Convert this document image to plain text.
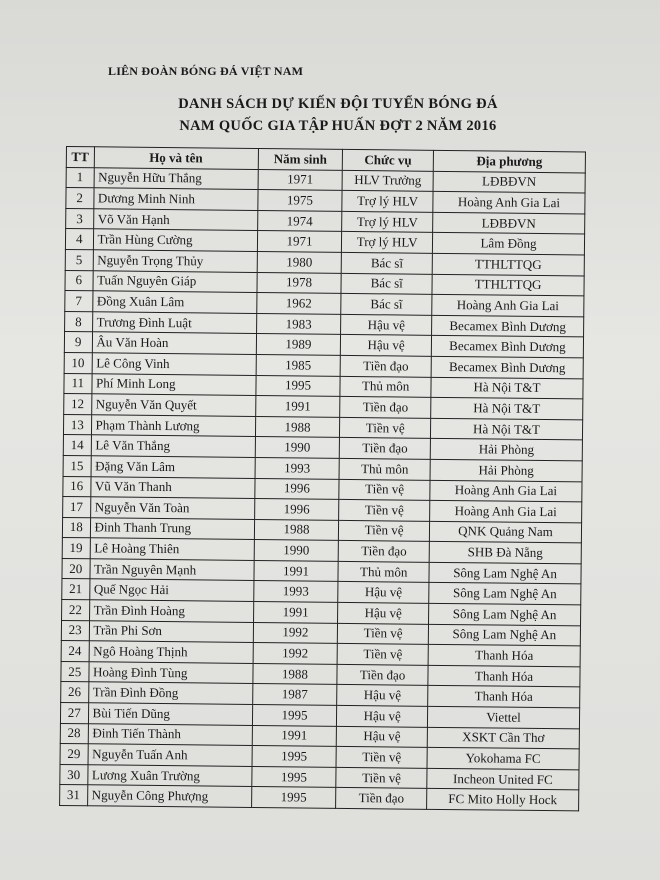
LIÊN ĐOÀN BÓNG ĐÁ VIỆT NAM
DANH SÁCH DỰ KIẾN ĐỘI TUYỂN BÓNG ĐÁ
NAM QUỐC GIA TẬP HUẤN ĐỢT 2 NĂM 2016
TT	Họ và tên	Năm sinh	Chức vụ	Địa phương
1	Nguyễn Hữu Thắng	1971	HLV Trưởng	LĐBĐVN
2	Dương Minh Ninh	1975	Trợ lý HLV	Hoàng Anh Gia Lai
3	Võ Văn Hạnh	1974	Trợ lý HLV	LĐBĐVN
4	Trần Hùng Cường	1971	Trợ lý HLV	Lâm Đồng
5	Nguyễn Trọng Thủy	1980	Bác sĩ	TTHLTTQG
6	Tuấn Nguyên Giáp	1978	Bác sĩ	TTHLTTQG
7	Đồng Xuân Lâm	1962	Bác sĩ	Hoàng Anh Gia Lai
8	Trương Đình Luật	1983	Hậu vệ	Becamex Bình Dương
9	Âu Văn Hoàn	1989	Hậu vệ	Becamex Bình Dương
10	Lê Công Vinh	1985	Tiền đạo	Becamex Bình Dương
11	Phí Minh Long	1995	Thủ môn	Hà Nội T&T
12	Nguyễn Văn Quyết	1991	Tiền đạo	Hà Nội T&T
13	Phạm Thành Lương	1988	Tiền vệ	Hà Nội T&T
14	Lê Văn Thắng	1990	Tiền đạo	Hải Phòng
15	Đặng Văn Lâm	1993	Thủ môn	Hải Phòng
16	Vũ Văn Thanh	1996	Tiền vệ	Hoàng Anh Gia Lai
17	Nguyễn Văn Toàn	1996	Tiền vệ	Hoàng Anh Gia Lai
18	Đinh Thanh Trung	1988	Tiền vệ	QNK Quảng Nam
19	Lê Hoàng Thiên	1990	Tiền đạo	SHB Đà Nẵng
20	Trần Nguyên Mạnh	1991	Thủ môn	Sông Lam Nghệ An
21	Quế Ngọc Hải	1993	Hậu vệ	Sông Lam Nghệ An
22	Trần Đình Hoàng	1991	Hậu vệ	Sông Lam Nghệ An
23	Trần Phi Sơn	1992	Tiền vệ	Sông Lam Nghệ An
24	Ngô Hoàng Thịnh	1992	Tiền vệ	Thanh Hóa
25	Hoàng Đình Tùng	1988	Tiền đạo	Thanh Hóa
26	Trần Đình Đồng	1987	Hậu vệ	Thanh Hóa
27	Bùi Tiến Dũng	1995	Hậu vệ	Viettel
28	Đinh Tiến Thành	1991	Hậu vệ	XSKT Cần Thơ
29	Nguyễn Tuấn Anh	1995	Tiền vệ	Yokohama FC
30	Lương Xuân Trường	1995	Tiền vệ	Incheon United FC
31	Nguyễn Công Phượng	1995	Tiền đạo	FC Mito Holly Hock
